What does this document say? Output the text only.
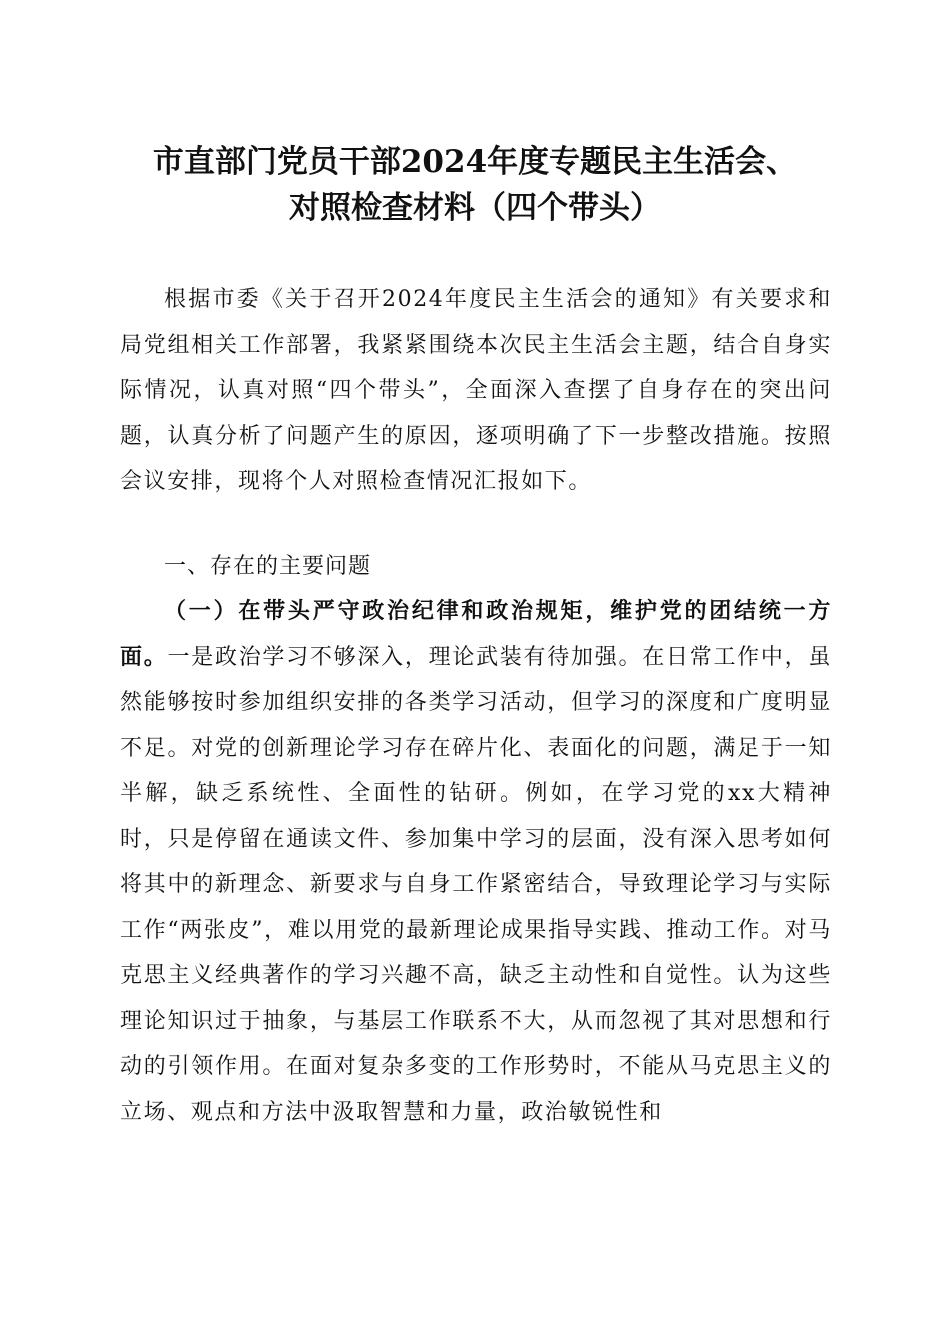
市直部门党员干部2024年度专题民主生活会、
对照检查材料（四个带头）

根据市委《关于召开2024年度民主生活会的通知》有关要求和局党组相关工作部署，我紧紧围绕本次民主生活会主题，结合自身实际情况，认真对照“四个带头”，全面深入查摆了自身存在的突出问题，认真分析了问题产生的原因，逐项明确了下一步整改措施。按照会议安排，现将个人对照检查情况汇报如下。

一、存在的主要问题

（一）在带头严守政治纪律和政治规矩，维护党的团结统一方面。一是政治学习不够深入，理论武装有待加强。在日常工作中，虽然能够按时参加组织安排的各类学习活动，但学习的深度和广度明显不足。对党的创新理论学习存在碎片化、表面化的问题，满足于一知半解，缺乏系统性、全面性的钻研。例如，在学习党的xx大精神时，只是停留在通读文件、参加集中学习的层面，没有深入思考如何将其中的新理念、新要求与自身工作紧密结合，导致理论学习与实际工作“两张皮”，难以用党的最新理论成果指导实践、推动工作。对马克思主义经典著作的学习兴趣不高，缺乏主动性和自觉性。认为这些理论知识过于抽象，与基层工作联系不大，从而忽视了其对思想和行动的引领作用。在面对复杂多变的工作形势时，不能从马克思主义的立场、观点和方法中汲取智慧和力量，政治敏锐性和
